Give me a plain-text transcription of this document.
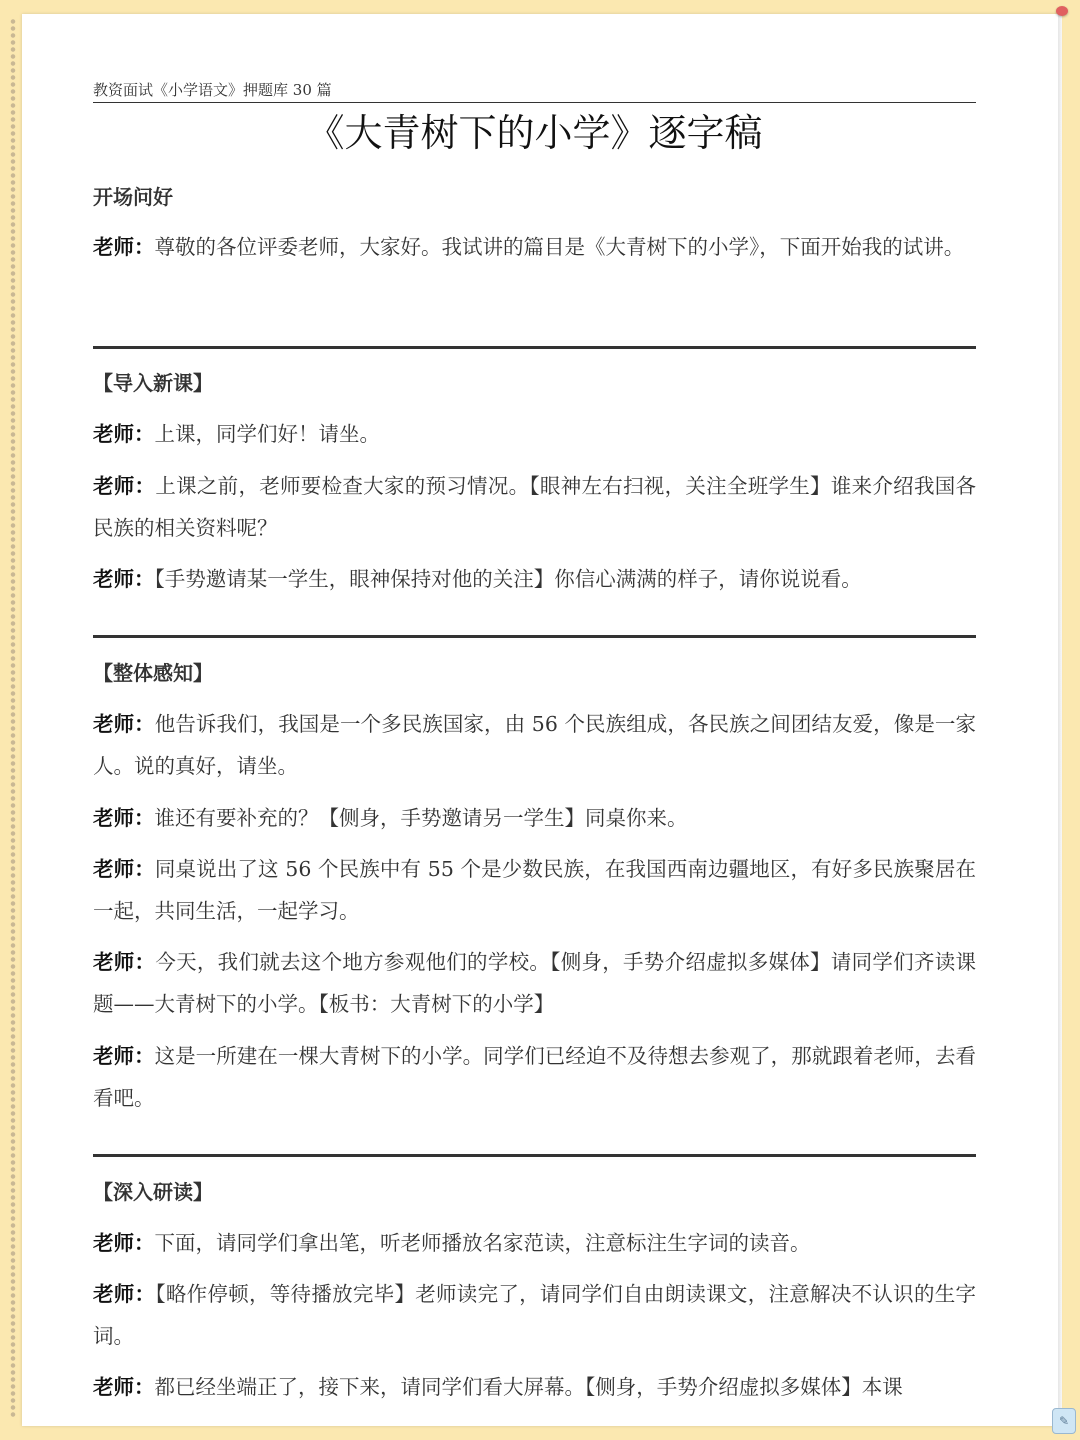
✎
教资面试《小学语文》押题库 30 篇
《大青树下的小学》逐字稿
开场问好
老师：尊敬的各位评委老师，大家好。我试讲的篇目是《大青树下的小学》，下面开始我的试讲。
【导入新课】
老师：上课，同学们好！请坐。
老师：上课之前，老师要检查大家的预习情况。【眼神左右扫视，关注全班学生】谁来介绍我国各民族的相关资料呢？
老师：【手势邀请某一学生，眼神保持对他的关注】你信心满满的样子，请你说说看。
【整体感知】
老师：他告诉我们，我国是一个多民族国家，由 56 个民族组成，各民族之间团结友爱，像是一家人。说的真好，请坐。
老师：谁还有要补充的？【侧身，手势邀请另一学生】同桌你来。
老师：同桌说出了这 56 个民族中有 55 个是少数民族，在我国西南边疆地区，有好多民族聚居在一起，共同生活，一起学习。
老师：今天，我们就去这个地方参观他们的学校。【侧身，手势介绍虚拟多媒体】请同学们齐读课题——大青树下的小学。【板书：大青树下的小学】
老师：这是一所建在一棵大青树下的小学。同学们已经迫不及待想去参观了，那就跟着老师，去看看吧。
【深入研读】
老师：下面，请同学们拿出笔，听老师播放名家范读，注意标注生字词的读音。
老师：【略作停顿，等待播放完毕】老师读完了，请同学们自由朗读课文，注意解决不认识的生字词。
老师：都已经坐端正了，接下来，请同学们看大屏幕。【侧身，手势介绍虚拟多媒体】本课
